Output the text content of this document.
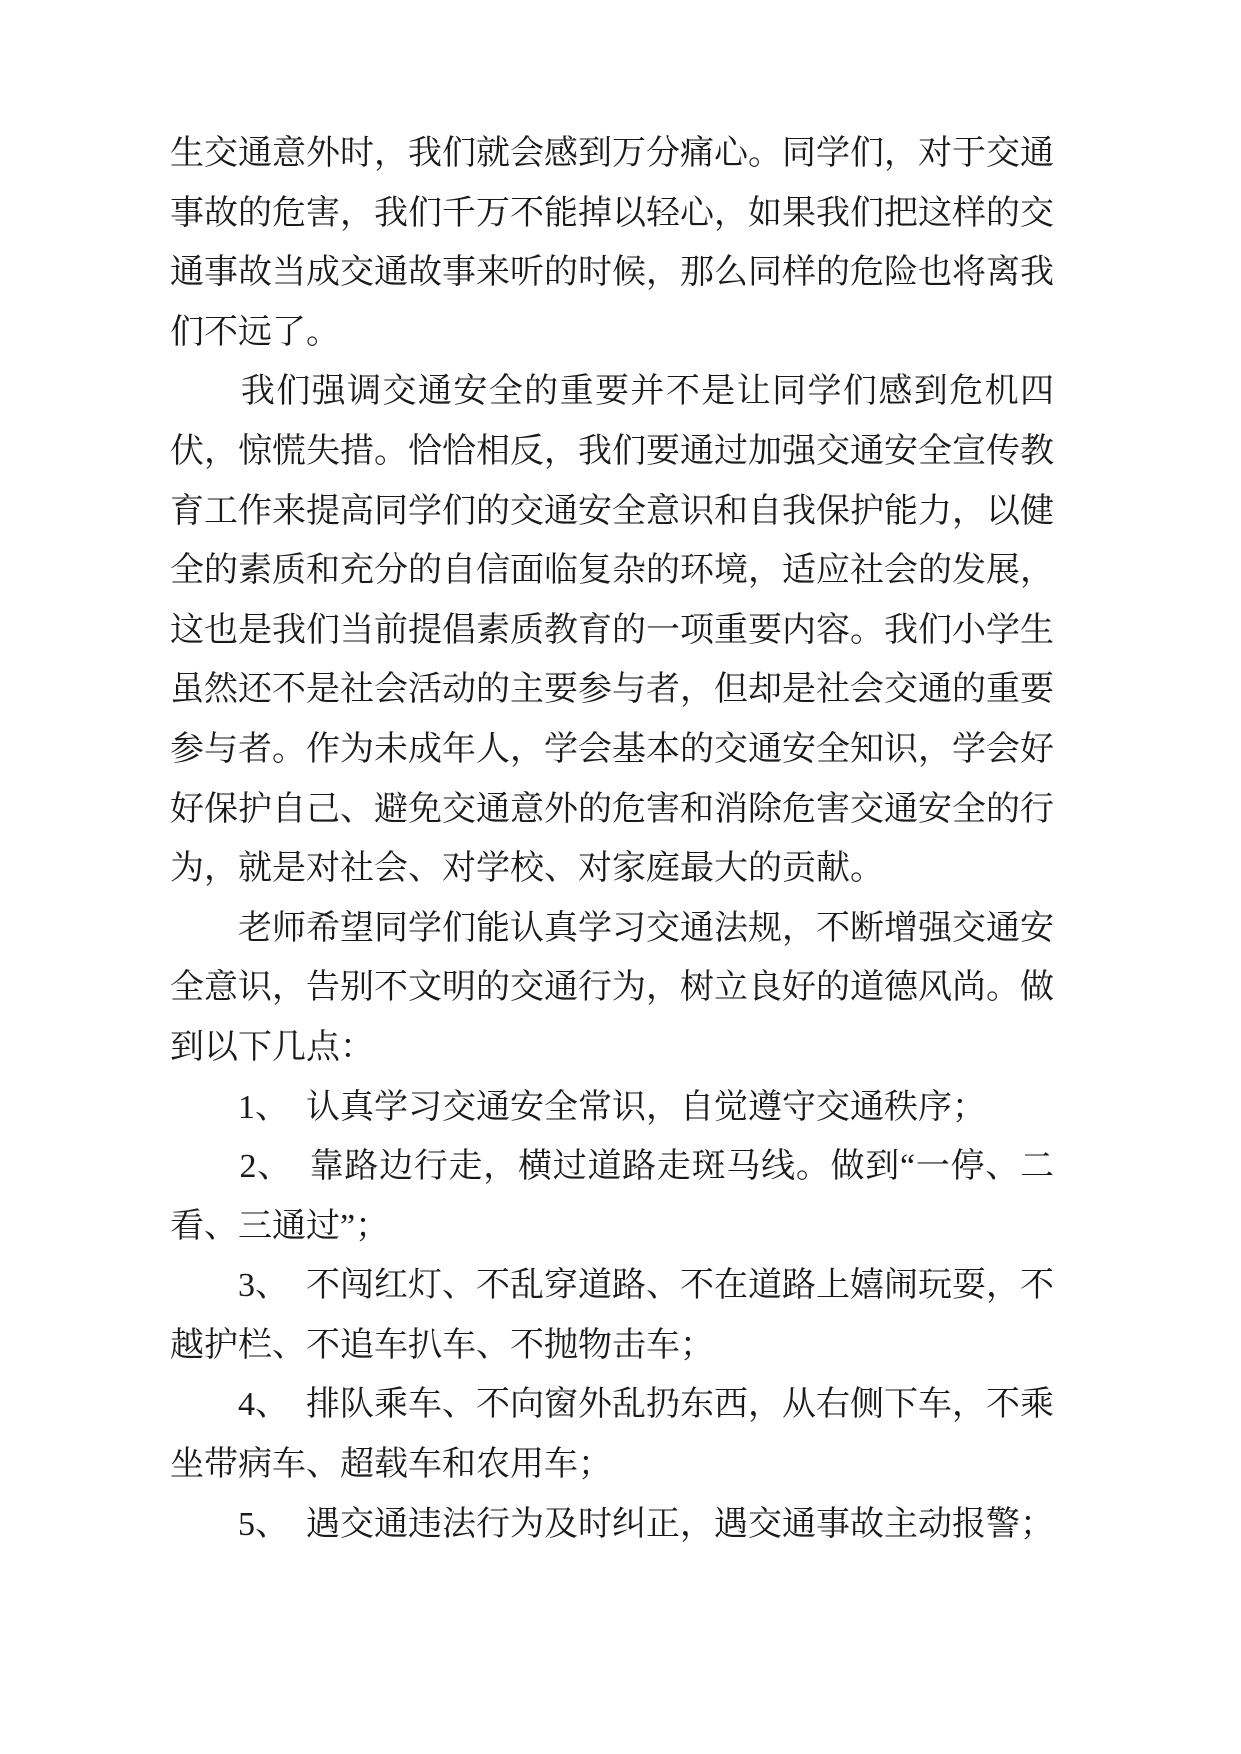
生交通意外时，我们就会感到万分痛心。同学们，对于交通
事故的危害，我们千万不能掉以轻心，如果我们把这样的交
通事故当成交通故事来听的时候，那么同样的危险也将离我
们不远了。
　　我们强调交通安全的重要并不是让同学们感到危机四
伏，惊慌失措。恰恰相反，我们要通过加强交通安全宣传教
育工作来提高同学们的交通安全意识和自我保护能力，以健
全的素质和充分的自信面临复杂的环境，适应社会的发展，
这也是我们当前提倡素质教育的一项重要内容。我们小学生
虽然还不是社会活动的主要参与者，但却是社会交通的重要
参与者。作为未成年人，学会基本的交通安全知识，学会好
好保护自己、避免交通意外的危害和消除危害交通安全的行
为，就是对社会、对学校、对家庭最大的贡献。
　　老师希望同学们能认真学习交通法规，不断增强交通安
全意识，告别不文明的交通行为，树立良好的道德风尚。做
到以下几点：
　　1、　认真学习交通安全常识，自觉遵守交通秩序；
　　2、　靠路边行走，横过道路走斑马线。做到“一停、二
看、三通过”；
　　3、　不闯红灯、不乱穿道路、不在道路上嬉闹玩耍，不
越护栏、不追车扒车、不抛物击车；
　　4、　排队乘车、不向窗外乱扔东西，从右侧下车，不乘
坐带病车、超载车和农用车；
　　5、　遇交通违法行为及时纠正，遇交通事故主动报警；
